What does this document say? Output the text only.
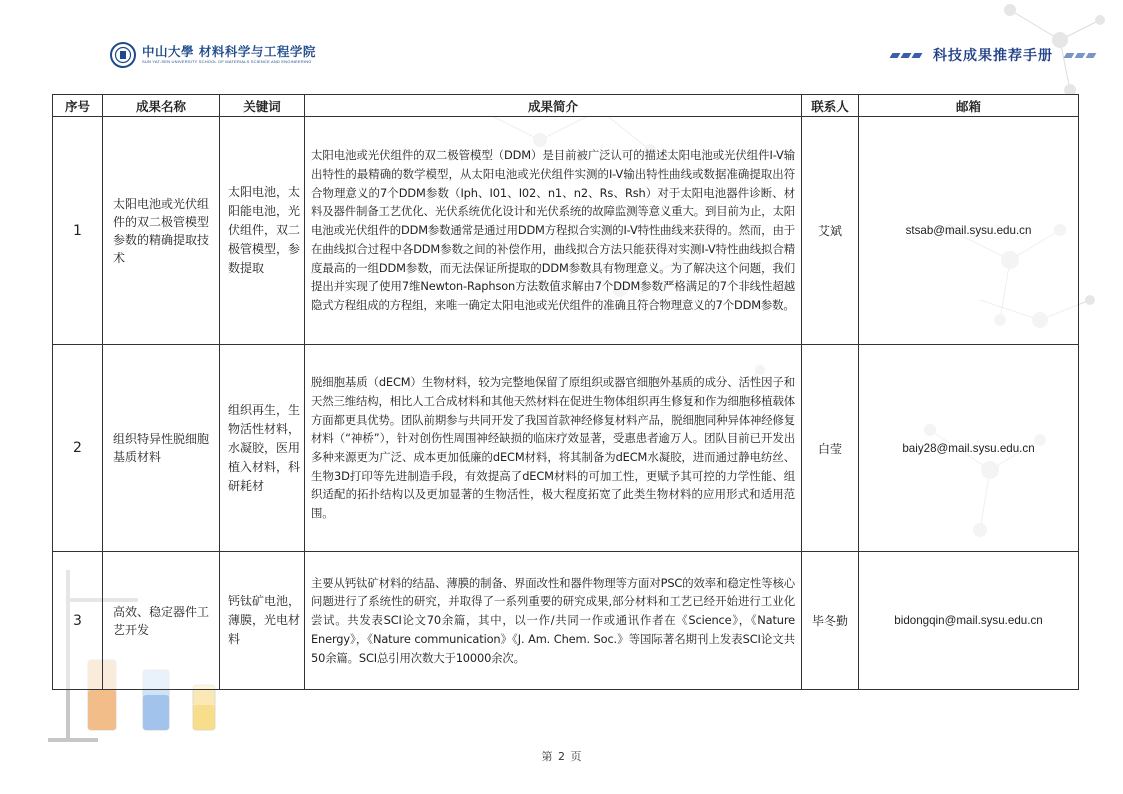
中山大學 材料科学与工程学院
SUN YAT-SEN UNIVERSITY SCHOOL OF MATERIALS SCIENCE AND ENGINEERING	科技成果推荐手册
序号	成果名称	关键词	成果简介	联系人	邮箱
1	太阳电池或光伏组件的双二极管模型参数的精确提取技术	太阳电池，太阳能电池，光伏组件，双二极管模型，参数提取	太阳电池或光伏组件的双二极管模型（DDM）是目前被广泛认可的描述太阳电池或光伏组件I-V输出特性的最精确的数学模型，从太阳电池或光伏组件实测的I-V输出特性曲线或数据准确提取出符合物理意义的7个DDM参数（Iph、I01、I02、n1、n2、Rs、Rsh）对于太阳电池器件诊断、材料及器件制备工艺优化、光伏系统优化设计和光伏系统的故障监测等意义重大。到目前为止，太阳电池或光伏组件的DDM参数通常是通过用DDM方程拟合实测的I-V特性曲线来获得的。然而，由于在曲线拟合过程中各DDM参数之间的补偿作用，曲线拟合方法只能获得对实测I-V特性曲线拟合精度最高的一组DDM参数，而无法保证所提取的DDM参数具有物理意义。为了解决这个问题，我们提出并实现了使用7维Newton-Raphson方法数值求解由7个DDM参数严格满足的7个非线性超越隐式方程组成的方程组，来唯一确定太阳电池或光伏组件的准确且符合物理意义的7个DDM参数。	艾斌	stsab@mail.sysu.edu.cn
2	组织特异性脱细胞基质材料	组织再生，生物活性材料，水凝胶，医用植入材料，科研耗材	脱细胞基质（dECM）生物材料，较为完整地保留了原组织或器官细胞外基质的成分、活性因子和天然三维结构，相比人工合成材料和其他天然材料在促进生物体组织再生修复和作为细胞移植载体方面都更具优势。团队前期参与共同开发了我国首款神经修复材料产品，脱细胞同种异体神经修复材料（“神桥”），针对创伤性周围神经缺损的临床疗效显著，受惠患者逾万人。团队目前已开发出多种来源更为广泛、成本更加低廉的dECM材料，将其制备为dECM水凝胶，进而通过静电纺丝、生物3D打印等先进制造手段，有效提高了dECM材料的可加工性，更赋予其可控的力学性能、组织适配的拓扑结构以及更加显著的生物活性，极大程度拓宽了此类生物材料的应用形式和适用范围。	白莹	baiy28@mail.sysu.edu.cn
3	高效、稳定器件工艺开发	钙钛矿电池，薄膜，光电材料	主要从钙钛矿材料的结晶、薄膜的制备、界面改性和器件物理等方面对PSC的效率和稳定性等核心问题进行了系统性的研究，并取得了一系列重要的研究成果,部分材料和工艺已经开始进行工业化尝试。共发表SCI论文70余篇，其中，以一作/共同一作或通讯作者在《Science》，《Nature Energy》，《Nature communication》《J. Am. Chem. Soc.》等国际著名期刊上发表SCI论文共50余篇。SCI总引用次数大于10000余次。	毕冬勤	bidongqin@mail.sysu.edu.cn
第 2 页
